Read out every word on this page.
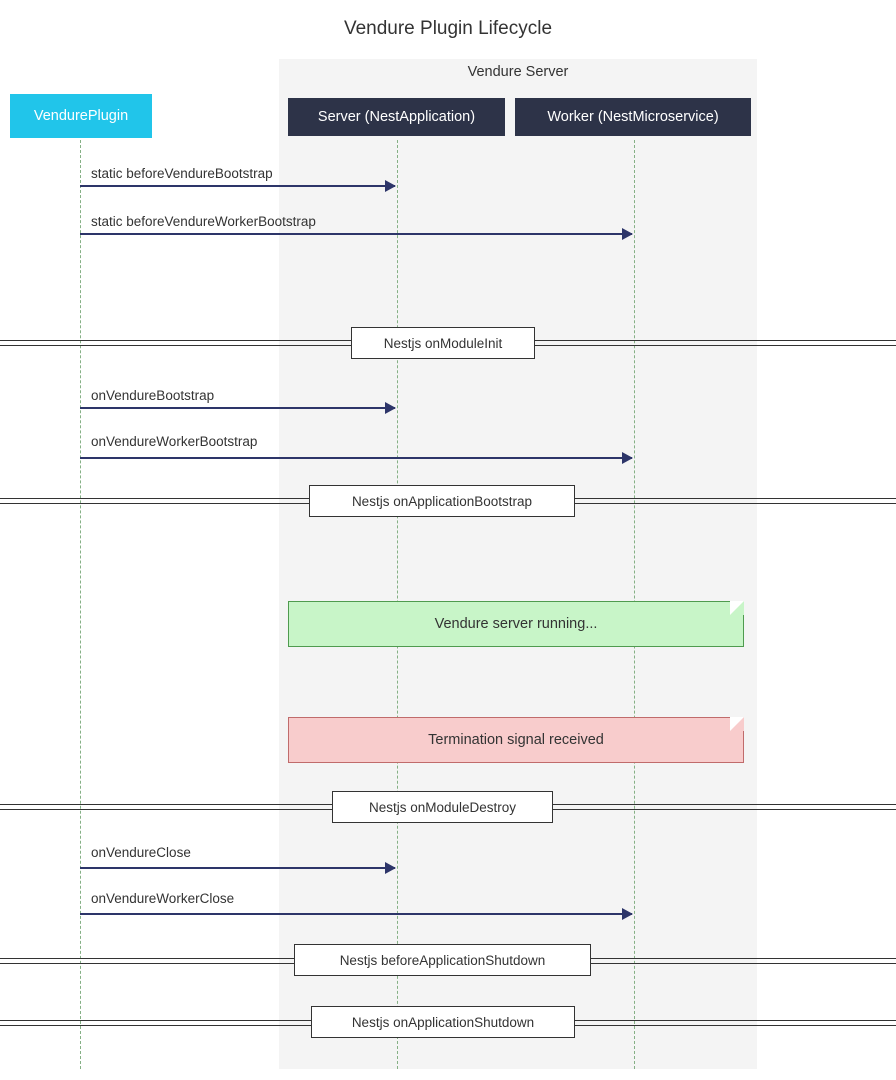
Vendure Plugin Lifecycle
Vendure Server
VendurePlugin	Server (NestApplication)	Worker (NestMicroservice)
static beforeVendureBootstrap
static beforeVendureWorkerBootstrap
Nestjs onModuleInit
onVendureBootstrap
onVendureWorkerBootstrap
Nestjs onApplicationBootstrap
Vendure server running...
Termination signal received
Nestjs onModuleDestroy
onVendureClose
onVendureWorkerClose
Nestjs beforeApplicationShutdown
Nestjs onApplicationShutdown
